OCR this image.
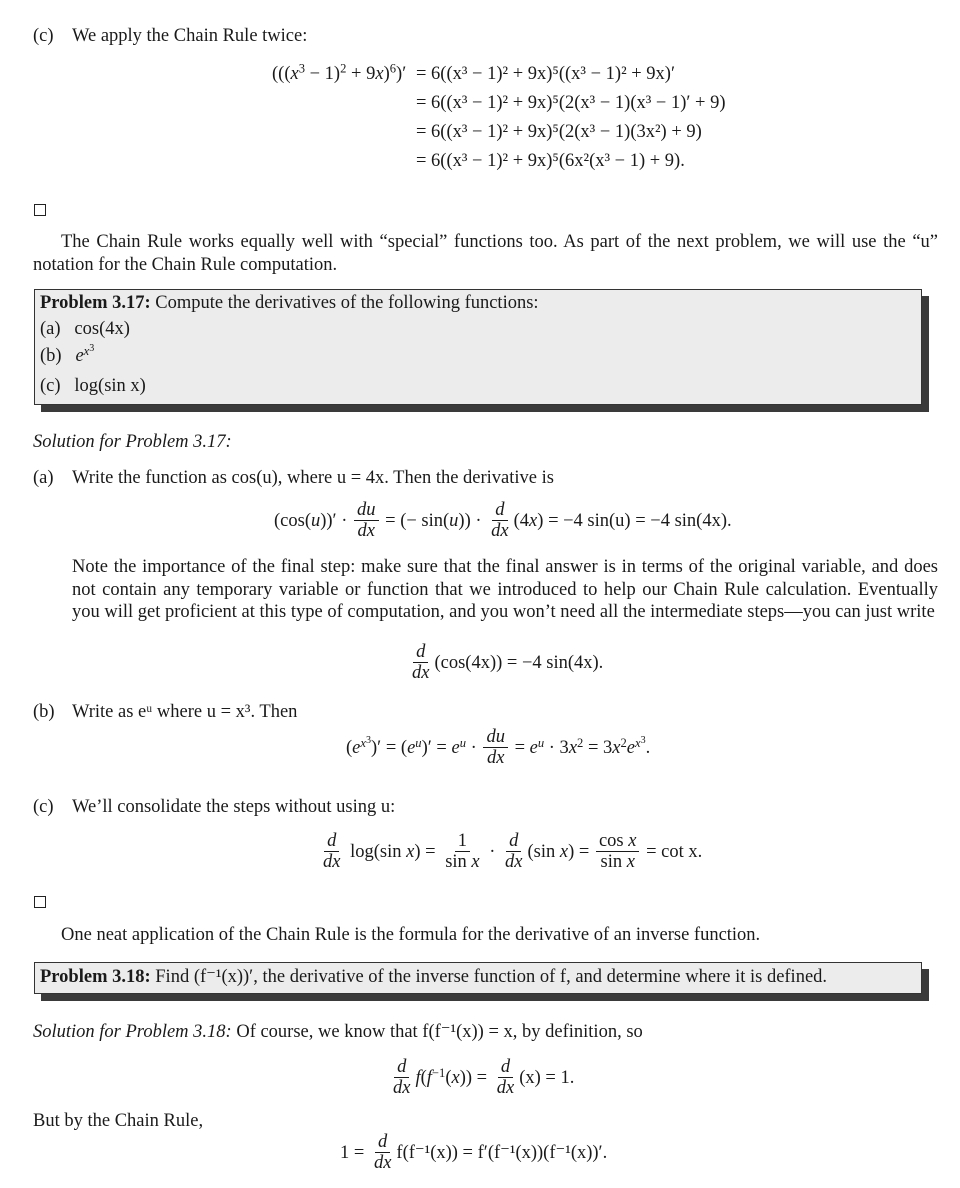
(c) We apply the Chain Rule twice:
$(((x^3 - 1)^2 + 9x)^6)' = 6((x^3 - 1)^2 + 9x)^5((x^3 - 1)^2 + 9x)'$
= 6((x³ − 1)² + 9x)⁵(2(x³ − 1)(x³ − 1)′ + 9)
= 6((x³ − 1)² + 9x)⁵(2(x³ − 1)(3x²) + 9)
= 6((x³ − 1)² + 9x)⁵(6x²(x³ − 1) + 9).
The Chain Rule works equally well with “special” functions too. As part of the next problem, we will use the “u” notation for the Chain Rule computation.
Problem 3.17: Compute the derivatives of the following functions:
(a) cos(4x)
(b) $e^{x^3}$
(c) log(sin x)
Solution for Problem 3.17:
(a) Write the function as cos(u), where u = 4x. Then the derivative is
$(\cos(u))' \cdot \frac{du}{dx}$ = (− $\sin(u)) \cdot \frac{d}{dx} (4x) = -4$ sin(u) = −4 sin(4x).
Note the importance of the final step: make sure that the final answer is in terms of the original variable, and does not contain any temporary variable or function that we introduced to help our Chain Rule calculation. Eventually you will get proficient at this type of computation, and you won’t need all the intermediate steps—you can just write
$\frac{d}{dx} (\cos(4x)) = -4$ sin(4x).
(b) Write as eᵘ where u = x³. Then
$(e^{x^3})' = (e^u)' = e^u \cdot \frac{du}{dx} = e^u \cdot 3x^2 = 3x^2e^{x^3}$.
(c) We’ll consolidate the steps without using u:
$\frac{d}{dx} \log(\sin$ $x) = \frac{1}{\text{sin x}} \cdot \frac{d}{dx} (\sin$ $x) = \frac{\text{cos x}}{\text{sin x}} = \cot x$.
One neat application of the Chain Rule is the formula for the derivative of an inverse function.
Problem 3.18: Find (f⁻¹(x))′, the derivative of the inverse function of f, and determine where it is defined.
Solution for Problem 3.18: Of course, we know that f(f⁻¹(x)) = x, by definition, so
$\frac{d}{dx} f(f^{-1}(x)) = \frac{d}{dx} (x) = 1$.
But by the Chain Rule,
$1 = \frac{d}{dx} f(f^{-1}(x)) = f'(f^{-1}(x))(f^{-1}(x))'$.
